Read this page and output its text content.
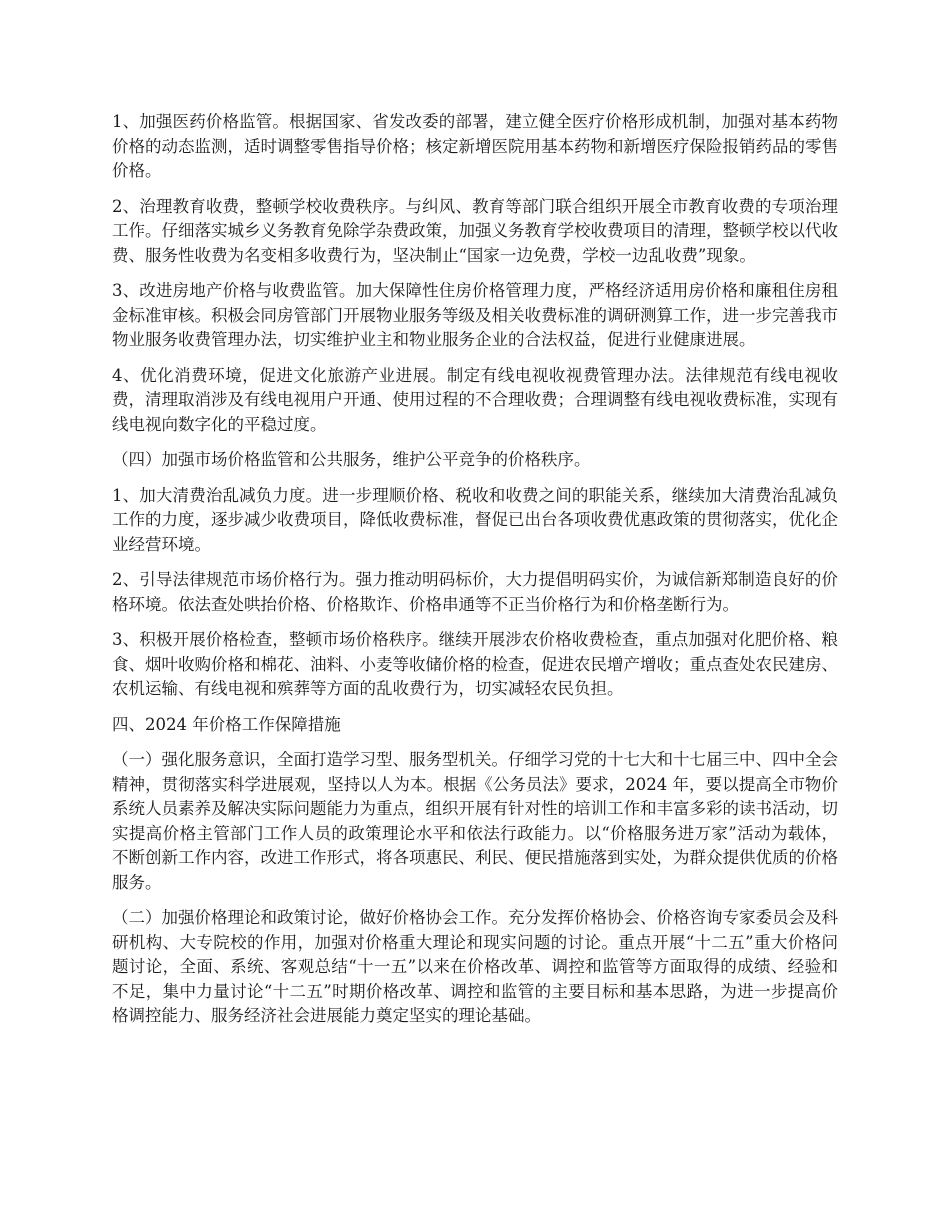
1、加强医药价格监管。根据国家、省发改委的部署，建立健全医疗价格形成机制，加强对基本药物价格的动态监测，适时调整零售指导价格；核定新增医院用基本药物和新增医疗保险报销药品的零售价格。

2、治理教育收费，整顿学校收费秩序。与纠风、教育等部门联合组织开展全市教育收费的专项治理工作。仔细落实城乡义务教育免除学杂费政策，加强义务教育学校收费项目的清理，整顿学校以代收费、服务性收费为名变相多收费行为，坚决制止“国家一边免费，学校一边乱收费”现象。

3、改进房地产价格与收费监管。加大保障性住房价格管理力度，严格经济适用房价格和廉租住房租金标准审核。积极会同房管部门开展物业服务等级及相关收费标准的调研测算工作，进一步完善我市物业服务收费管理办法，切实维护业主和物业服务企业的合法权益，促进行业健康进展。

4、优化消费环境，促进文化旅游产业进展。制定有线电视收视费管理办法。法律规范有线电视收费，清理取消涉及有线电视用户开通、使用过程的不合理收费；合理调整有线电视收费标准，实现有线电视向数字化的平稳过度。

（四）加强市场价格监管和公共服务，维护公平竞争的价格秩序。

1、加大清费治乱减负力度。进一步理顺价格、税收和收费之间的职能关系，继续加大清费治乱减负工作的力度，逐步减少收费项目，降低收费标准，督促已出台各项收费优惠政策的贯彻落实，优化企业经营环境。

2、引导法律规范市场价格行为。强力推动明码标价，大力提倡明码实价，为诚信新郑制造良好的价格环境。依法查处哄抬价格、价格欺诈、价格串通等不正当价格行为和价格垄断行为。

3、积极开展价格检查，整顿市场价格秩序。继续开展涉农价格收费检查，重点加强对化肥价格、粮食、烟叶收购价格和棉花、油料、小麦等收储价格的检查，促进农民增产增收；重点查处农民建房、农机运输、有线电视和殡葬等方面的乱收费行为，切实减轻农民负担。

四、2024 年价格工作保障措施

（一）强化服务意识，全面打造学习型、服务型机关。仔细学习党的十七大和十七届三中、四中全会精神，贯彻落实科学进展观，坚持以人为本。根据《公务员法》要求，2024 年，要以提高全市物价系统人员素养及解决实际问题能力为重点，组织开展有针对性的培训工作和丰富多彩的读书活动，切实提高价格主管部门工作人员的政策理论水平和依法行政能力。以“价格服务进万家”活动为载体，不断创新工作内容，改进工作形式，将各项惠民、利民、便民措施落到实处，为群众提供优质的价格服务。

（二）加强价格理论和政策讨论，做好价格协会工作。充分发挥价格协会、价格咨询专家委员会及科研机构、大专院校的作用，加强对价格重大理论和现实问题的讨论。重点开展“十二五”重大价格问题讨论，全面、系统、客观总结“十一五”以来在价格改革、调控和监管等方面取得的成绩、经验和不足，集中力量讨论“十二五”时期价格改革、调控和监管的主要目标和基本思路，为进一步提高价格调控能力、服务经济社会进展能力奠定坚实的理论基础。
